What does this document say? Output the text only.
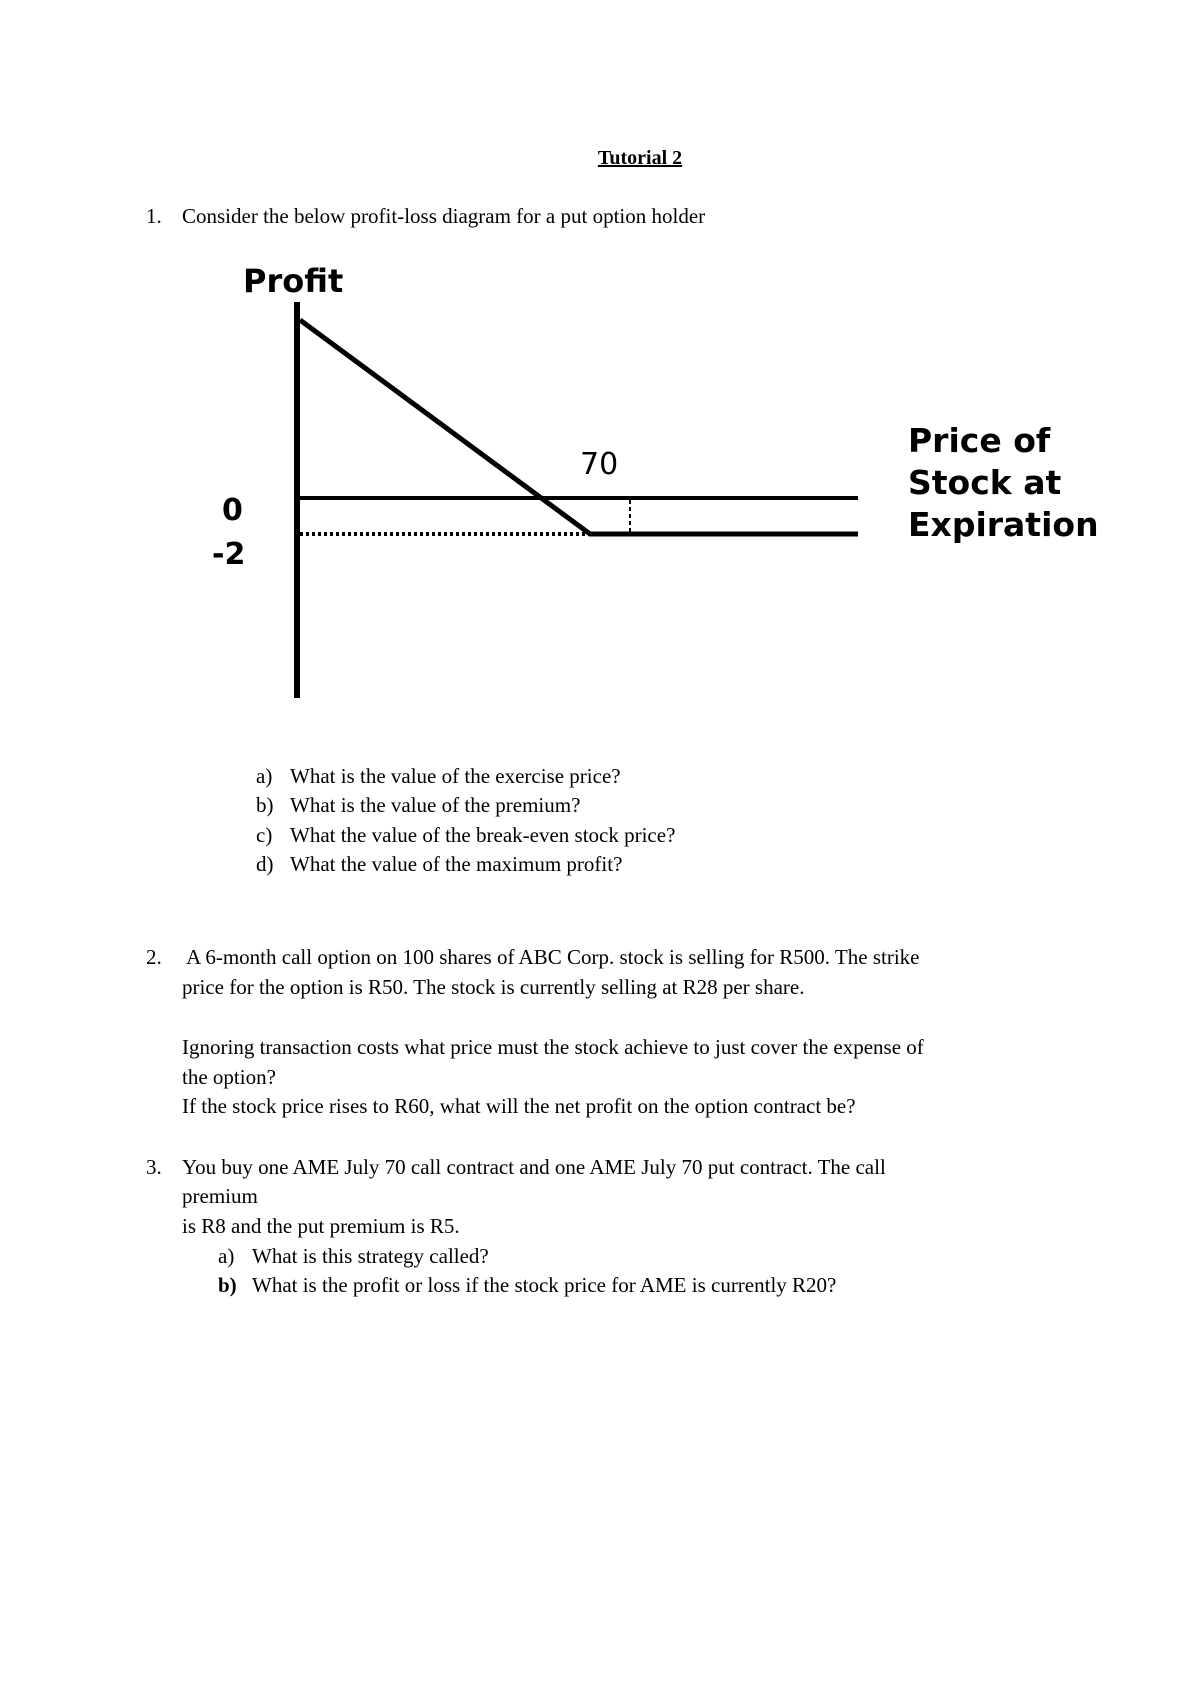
Tutorial 2
1. Consider the below profit-loss diagram for a put option holder
Profit
70
0
-2
Price of
Stock at
Expiration
a) What is the value of the exercise price?
b) What is the value of the premium?
c) What the value of the break-even stock price?
d) What the value of the maximum profit?
2. A 6-month call option on 100 shares of ABC Corp. stock is selling for R500. The strike
price for the option is R50. The stock is currently selling at R28 per share.
Ignoring transaction costs what price must the stock achieve to just cover the expense of
the option?
If the stock price rises to R60, what will the net profit on the option contract be?
3. You buy one AME July 70 call contract and one AME July 70 put contract. The call
premium
is R8 and the put premium is R5.
a) What is this strategy called?
b) What is the profit or loss if the stock price for AME is currently R20?
